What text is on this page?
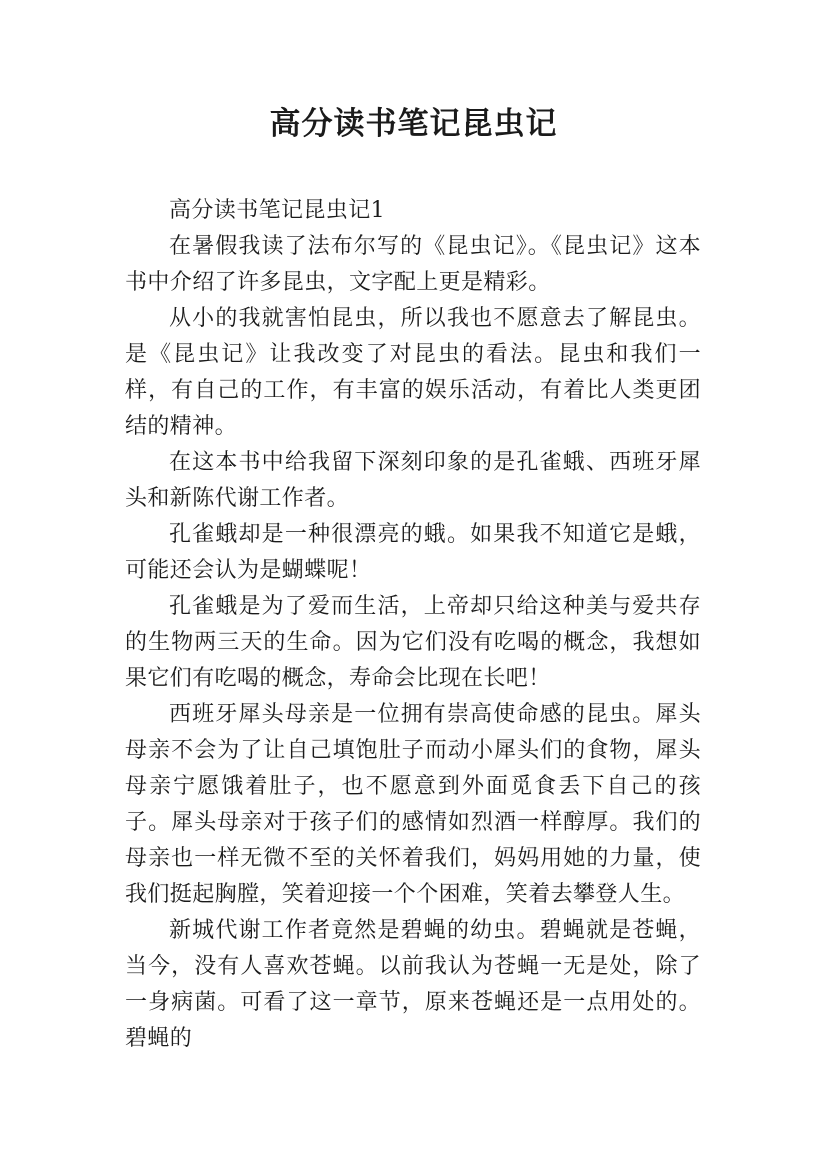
高分读书笔记昆虫记

高分读书笔记昆虫记1

在暑假我读了法布尔写的《昆虫记》。《昆虫记》这本书中介绍了许多昆虫，文字配上更是精彩。

从小的我就害怕昆虫，所以我也不愿意去了解昆虫。是《昆虫记》让我改变了对昆虫的看法。昆虫和我们一样，有自己的工作，有丰富的娱乐活动，有着比人类更团结的精神。

在这本书中给我留下深刻印象的是孔雀蛾、西班牙犀头和新陈代谢工作者。

孔雀蛾却是一种很漂亮的蛾。如果我不知道它是蛾，可能还会认为是蝴蝶呢！

孔雀蛾是为了爱而生活，上帝却只给这种美与爱共存的生物两三天的生命。因为它们没有吃喝的概念，我想如果它们有吃喝的概念，寿命会比现在长吧！

西班牙犀头母亲是一位拥有崇高使命感的昆虫。犀头母亲不会为了让自己填饱肚子而动小犀头们的食物，犀头母亲宁愿饿着肚子，也不愿意到外面觅食丢下自己的孩子。犀头母亲对于孩子们的感情如烈酒一样醇厚。我们的母亲也一样无微不至的关怀着我们，妈妈用她的力量，使我们挺起胸膛，笑着迎接一个个困难，笑着去攀登人生。

新城代谢工作者竟然是碧蝇的幼虫。碧蝇就是苍蝇，当今，没有人喜欢苍蝇。以前我认为苍蝇一无是处，除了一身病菌。可看了这一章节，原来苍蝇还是一点用处的。碧蝇的
